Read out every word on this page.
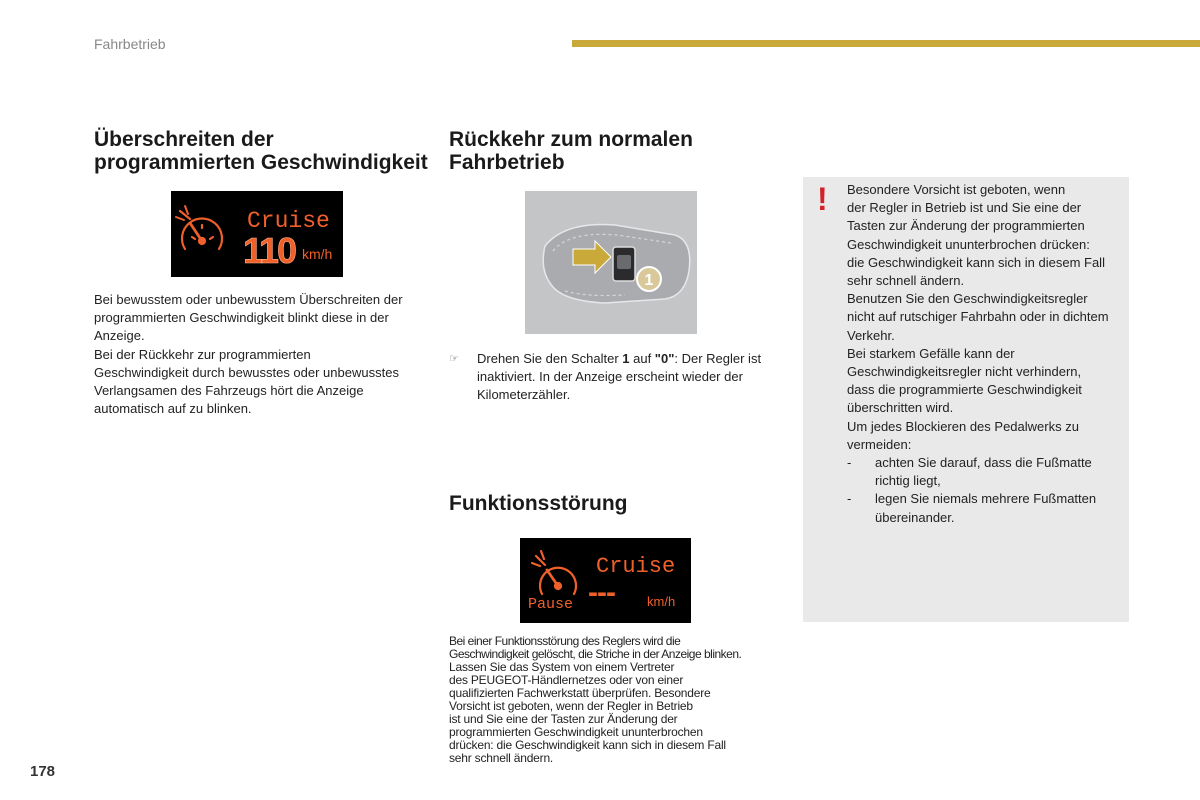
Fahrbetrieb
Überschreiten der programmierten Geschwindigkeit
Cruise
110 km/h
Bei bewusstem oder unbewusstem Überschreiten der
programmierten Geschwindigkeit blinkt diese in der
Anzeige.
Bei der Rückkehr zur programmierten
Geschwindigkeit durch bewusstes oder unbewusstes
Verlangsamen des Fahrzeugs hört die Anzeige
automatisch auf zu blinken.
Rückkehr zum normalen Fahrbetrieb
1
☞ Drehen Sie den Schalter 1 auf "0": Der Regler ist inaktiviert. In der Anzeige erscheint wieder der Kilometerzähler.
Funktionsstörung
Pause
Cruise
--- km/h
Bei einer Funktionsstörung des Reglers wird die
Geschwindigkeit gelöscht, die Striche in der Anzeige blinken.
Lassen Sie das System von einem Vertreter
des PEUGEOT-Händlernetzes oder von einer
qualifizierten Fachwerkstatt überprüfen. Besondere
Vorsicht ist geboten, wenn der Regler in Betrieb
ist und Sie eine der Tasten zur Änderung der
programmierten Geschwindigkeit ununterbrochen
drücken: die Geschwindigkeit kann sich in diesem Fall
sehr schnell ändern.
! Besondere Vorsicht ist geboten, wenn
der Regler in Betrieb ist und Sie eine der
Tasten zur Änderung der programmierten
Geschwindigkeit ununterbrochen drücken:
die Geschwindigkeit kann sich in diesem Fall
sehr schnell ändern.
Benutzen Sie den Geschwindigkeitsregler
nicht auf rutschiger Fahrbahn oder in dichtem
Verkehr.
Bei starkem Gefälle kann der
Geschwindigkeitsregler nicht verhindern,
dass die programmierte Geschwindigkeit
überschritten wird.
Um jedes Blockieren des Pedalwerks zu
vermeiden:
- achten Sie darauf, dass die Fußmatte richtig liegt,
- legen Sie niemals mehrere Fußmatten übereinander.
178
